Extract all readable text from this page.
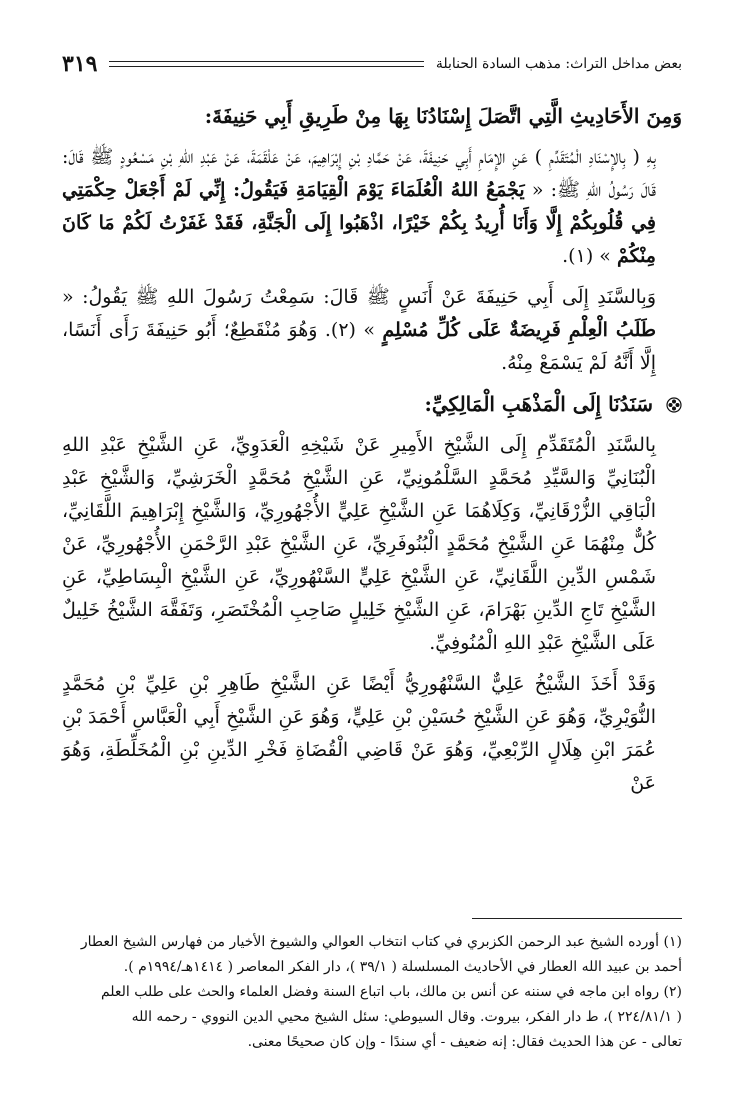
بعض مداخل التراث: مذهب السادة الحنابلة
٣١٩

وَمِنَ الأَحَادِيثِ الَّتِي اتَّصَلَ إِسْنَادُنَا بِهَا مِنْ طَرِيقِ أَبِي حَنِيفَةَ:

بِهِ ( بِالإِسْنَادِ الْمُتَقَدِّمِ ) عَنِ الإِمَامِ أَبِي حَنِيفَةَ، عَنْ حَمَّادِ بْنِ إِبْرَاهِيمَ، عَنْ عَلْقَمَةَ، عَنْ عَبْدِ اللهِ بْنِ مَسْعُودٍ ﷺ قَالَ: قَالَ رَسُولُ اللهِ ﷺ: « يَجْمَعُ اللهُ الْعُلَمَاءَ يَوْمَ الْقِيَامَةِ فَيَقُولُ: إِنِّي لَمْ أَجْعَلْ حِكْمَتِي فِي قُلُوبِكُمْ إِلَّا وَأَنَا أُرِيدُ بِكُمْ خَيْرًا، اذْهَبُوا إِلَى الْجَنَّةِ، فَقَدْ غَفَرْتُ لَكُمْ مَا كَانَ مِنْكُمْ » (١).

وَبِالسَّنَدِ إِلَى أَبِي حَنِيفَةَ عَنْ أَنَسٍ ﷺ قَالَ: سَمِعْتُ رَسُولَ اللهِ ﷺ يَقُولُ: « طَلَبُ الْعِلْمِ فَرِيضَةٌ عَلَى كُلِّ مُسْلِمٍ » (٢). وَهُوَ مُنْقَطِعٌ؛ أَبُو حَنِيفَةَ رَأَى أَنَسًا، إِلَّا أَنَّهُ لَمْ يَسْمَعْ مِنْهُ.

سَنَدُنَا إِلَى الْمَذْهَبِ الْمَالِكِيِّ:

بِالسَّنَدِ الْمُتَقَدِّمِ إِلَى الشَّيْخِ الأَمِيرِ عَنْ شَيْخِهِ الْعَدَوِيِّ، عَنِ الشَّيْخِ عَبْدِ اللهِ الْبُنَانِيِّ وَالسَّيِّدِ مُحَمَّدٍ السَّلْمُونِيِّ، عَنِ الشَّيْخِ مُحَمَّدٍ الْخَرَشِيِّ، وَالشَّيْخِ عَبْدِ الْبَاقِي الزُّرْقَانِيِّ، وَكِلَاهُمَا عَنِ الشَّيْخِ عَلِيٍّ الأُجْهُورِيِّ، وَالشَّيْخِ إِبْرَاهِيمَ اللَّقَانِيِّ، كُلٌّ مِنْهُمَا عَنِ الشَّيْخِ مُحَمَّدٍ الْبُنُوفَرِيِّ، عَنِ الشَّيْخِ عَبْدِ الرَّحْمَنِ الأُجْهُورِيِّ، عَنْ شَمْسِ الدِّينِ اللَّقَانِيِّ، عَنِ الشَّيْخِ عَلِيٍّ السَّنْهُورِيِّ، عَنِ الشَّيْخِ الْبِسَاطِيِّ، عَنِ الشَّيْخِ تَاجِ الدِّينِ بَهْرَامَ، عَنِ الشَّيْخِ خَلِيلٍ صَاحِبِ الْمُخْتَصَرِ، وَتَفَقَّهَ الشَّيْخُ خَلِيلٌ عَلَى الشَّيْخِ عَبْدِ اللهِ الْمُنُوفِيِّ.

وَقَدْ أَخَذَ الشَّيْخُ عَلِيٌّ السَّنْهُورِيُّ أَيْضًا عَنِ الشَّيْخِ طَاهِرِ بْنِ عَلِيِّ بْنِ مُحَمَّدٍ النُّوَيْرِيِّ، وَهُوَ عَنِ الشَّيْخِ حُسَيْنِ بْنِ عَلِيٍّ، وَهُوَ عَنِ الشَّيْخِ أَبِي الْعَبَّاسِ أَحْمَدَ بْنِ عُمَرَ ابْنِ هِلَالٍ الرِّبْعِيِّ، وَهُوَ عَنْ قَاضِي الْقُضَاةِ فَخْرِ الدِّينِ بْنِ الْمُخَلِّطَةِ، وَهُوَ عَنْ

(١) أورده الشيخ عبد الرحمن الكزبري في كتاب انتخاب العوالي والشيوخ الأخيار من فهارس الشيخ العطار

أحمد بن عبيد الله العطار في الأحاديث المسلسلة ( ٣٩/١ )، دار الفكر المعاصر ( ١٤١٤هـ/١٩٩٤م ).

(٢) رواه ابن ماجه في سننه عن أنس بن مالك، باب اتباع السنة وفضل العلماء والحث على طلب العلم

( ٢٢٤/٨١/١ )، ط دار الفكر، بيروت. وقال السيوطي: سئل الشيخ محيي الدين النووي - رحمه الله

تعالى - عن هذا الحديث فقال: إنه ضعيف - أي سندًا - وإن كان صحيحًا معنى.
